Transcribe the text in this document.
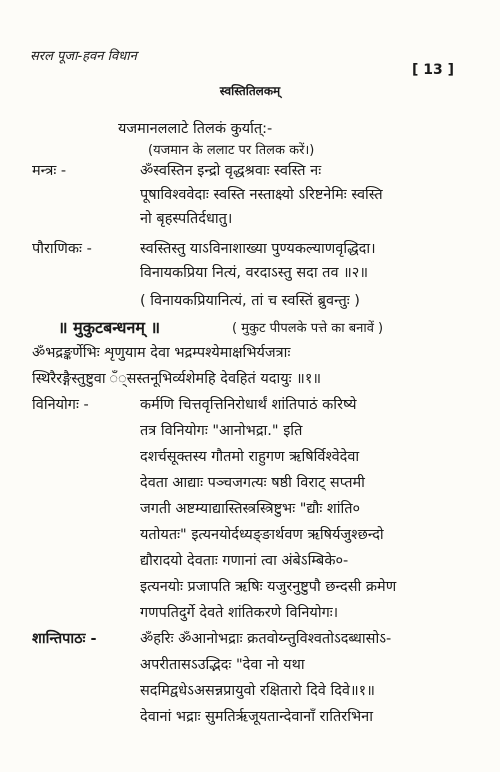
सरल पूजा-हवन विधान
[ 13 ]
स्वस्तितिलकम्
यजमानललाटे तिलकं कुर्यात्:-
(यजमान के ललाट पर तिलक करें।)
मन्त्रः -	ॐस्वस्तिन इन्द्रो वृद्धश्रवाः स्वस्ति नः
पूषाविश्ववेदाः स्वस्ति नस्ताक्ष्यो ऽरिष्टनेमिः स्वस्ति
नो बृहस्पतिर्दधातु।
पौराणिकः -	स्वस्तिस्तु याऽविनाशाख्या पुण्यकल्याणवृद्धिदा।
विनायकप्रिया नित्यं, वरदाऽस्तु सदा तव ॥२॥
( विनायकप्रियानित्यं, तां च स्वस्तिं ब्रुवन्तुः )
॥ मुकुटबन्धनम् ॥	( मुकुट पीपलके पत्ते का बनावें )
ॐभद्रङ्कर्णेभिः शृणुयाम देवा भद्रम्पश्येमाक्षभिर्यजत्राः
स्थिरैरङ्गैस्तुष्टुवा ँ्सस्तनूभिर्व्यशेमहि देवहितं यदायुः ॥१॥
विनियोगः -	कर्मणि चित्तवृत्तिनिरोधार्थं शांतिपाठं करिष्ये
तत्र विनियोगः "आनोभद्रा." इति
दशर्चसूक्तस्य गौतमो राहुगण ऋषिर्विश्वेदेवा
देवता आद्याः पञ्चजगत्यः षष्ठी विराट् सप्तमी
जगती अष्टम्याद्यास्तिस्त्रस्त्रिष्टुभः "द्यौः शांति०
यतोयतः" इत्यनयोर्दध्यङ्ङार्थवण ऋषिर्यजुश्छन्दो
द्यौरादयो देवताः गणानां त्वा अंबेऽम्बिके०-
इत्यनयोः प्रजापति ऋषिः यजुरनुष्टुपौ छन्दसी क्रमेण
गणपतिदुर्गे देवते शांतिकरणे विनियोगः।
शान्तिपाठः -	ॐहरिः ॐआनोभद्राः क्रतवोय्न्तुविश्वतोऽदब्धासोऽ-
अपरीतासऽउद्भिदः "देवा नो यथा
सदमिद्वधेऽअसन्नप्रायुवो रक्षितारो दिवे दिवे॥१॥
देवानां भद्राः सुमतिर्ऋजूयतान्देवानाँ रातिरभिना
